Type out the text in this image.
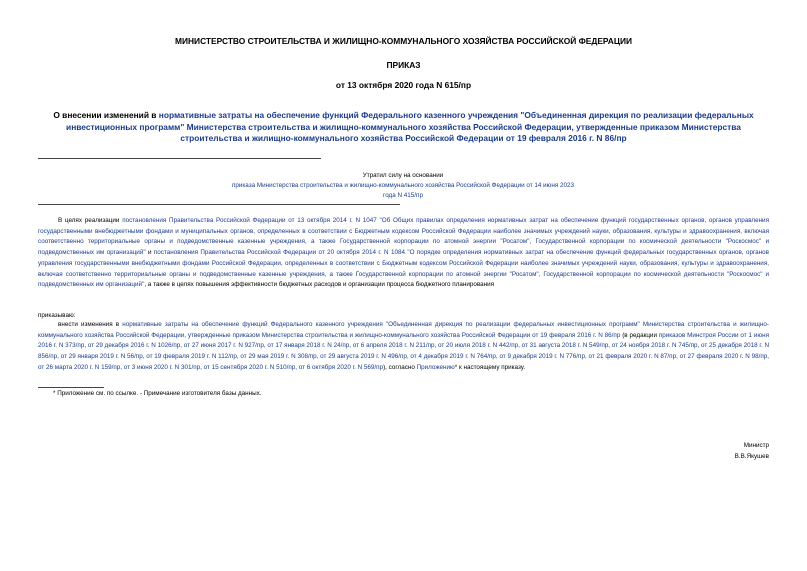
МИНИСТЕРСТВО СТРОИТЕЛЬСТВА И ЖИЛИЩНО-КОММУНАЛЬНОГО ХОЗЯЙСТВА РОССИЙСКОЙ ФЕДЕРАЦИИ
ПРИКАЗ
от 13 октября 2020 года N 615/пр
О внесении изменений в нормативные затраты на обеспечение функций Федерального казенного учреждения "Объединенная дирекция по реализации федеральных инвестиционных программ" Министерства строительства и жилищно-коммунального хозяйства Российской Федерации, утвержденные приказом Министерства строительства и жилищно-коммунального хозяйства Российской Федерации от 19 февраля 2016 г. N 86/пр
Утратил силу на основании
приказа Министерства строительства и жилищно-коммунального хозяйства Российской Федерации от 14 июня 2023 года N 415/пр

В целях реализации постановления Правительства Российской Федерации от 13 октября 2014 г. N 1047 "Об Общих правилах определения нормативных затрат на обеспечение функций государственных органов, органов управления государственными внебюджетными фондами и муниципальных органов, определенных в соответствии с Бюджетным кодексом Российской Федерации наиболее значимых учреждений науки, образования, культуры и здравоохранения, включая соответственно территориальные органы и подведомственные казенные учреждения, а также Государственной корпорации по атомной энергии "Росатом", Государственной корпорации по космической деятельности "Роскосмос" и подведомственных им организаций" и постановления Правительства Российской Федерации от 20 октября 2014 г. N 1084 "О порядке определения нормативных затрат на обеспечение функций федеральных государственных органов, органов управления государственными внебюджетными фондами Российской Федерации, определенных в соответствии с Бюджетным кодексом Российской Федерации наиболее значимых учреждений науки, образования, культуры и здравоохранения, включая соответственно территориальные органы и подведомственные казенные учреждения, а также Государственной корпорации по атомной энергии "Росатом", Государственной корпорации по космической деятельности "Роскосмос" и подведомственных им организаций", а также в целях повышения эффективности бюджетных расходов и организации процесса бюджетного планирования

приказываю:

внести изменения в нормативные затраты на обеспечение функций Федерального казенного учреждения "Объединенная дирекция по реализации федеральных инвестиционных программ" Министерства строительства и жилищно-коммунального хозяйства Российской Федерации, утвержденные приказом Министерства строительства и жилищно-коммунального хозяйства Российской Федерации от 19 февраля 2016 г. N 86/пр (в редакции приказов Минстроя России от 1 июня 2016 г. N 373/пр, от 29 декабря 2016 г. N 1026/пр, от 27 июня 2017 г. N 927/пр, от 17 января 2018 г. N 24/пр, от 6 апреля 2018 г. N 211/пр, от 20 июля 2018 г. N 442/пр, от 31 августа 2018 г. N 549/пр, от 24 ноября 2018 г. N 745/пр, от 25 декабря 2018 г. N 856/пр, от 29 января 2019 г. N 56/пр, от 19 февраля 2019 г. N 112/пр, от 29 мая 2019 г. N 308/пр, от 29 августа 2019 г. N 496/пр, от 4 декабря 2019 г. N 764/пр, от 9 декабря 2019 г. N 776/пр, от 21 февраля 2020 г. N 87/пр, от 27 февраля 2020 г. N 98/пр, от 26 марта 2020 г. N 159/пр, от 3 июня 2020 г. N 301/пр, от 15 сентября 2020 г. N 510/пр, от 6 октября 2020 г. N 569/пр), согласно Приложению* к настоящему приказу.

* Приложение см. по ссылке. - Примечание изготовителя базы данных.
Министр
В.В.Якушев
